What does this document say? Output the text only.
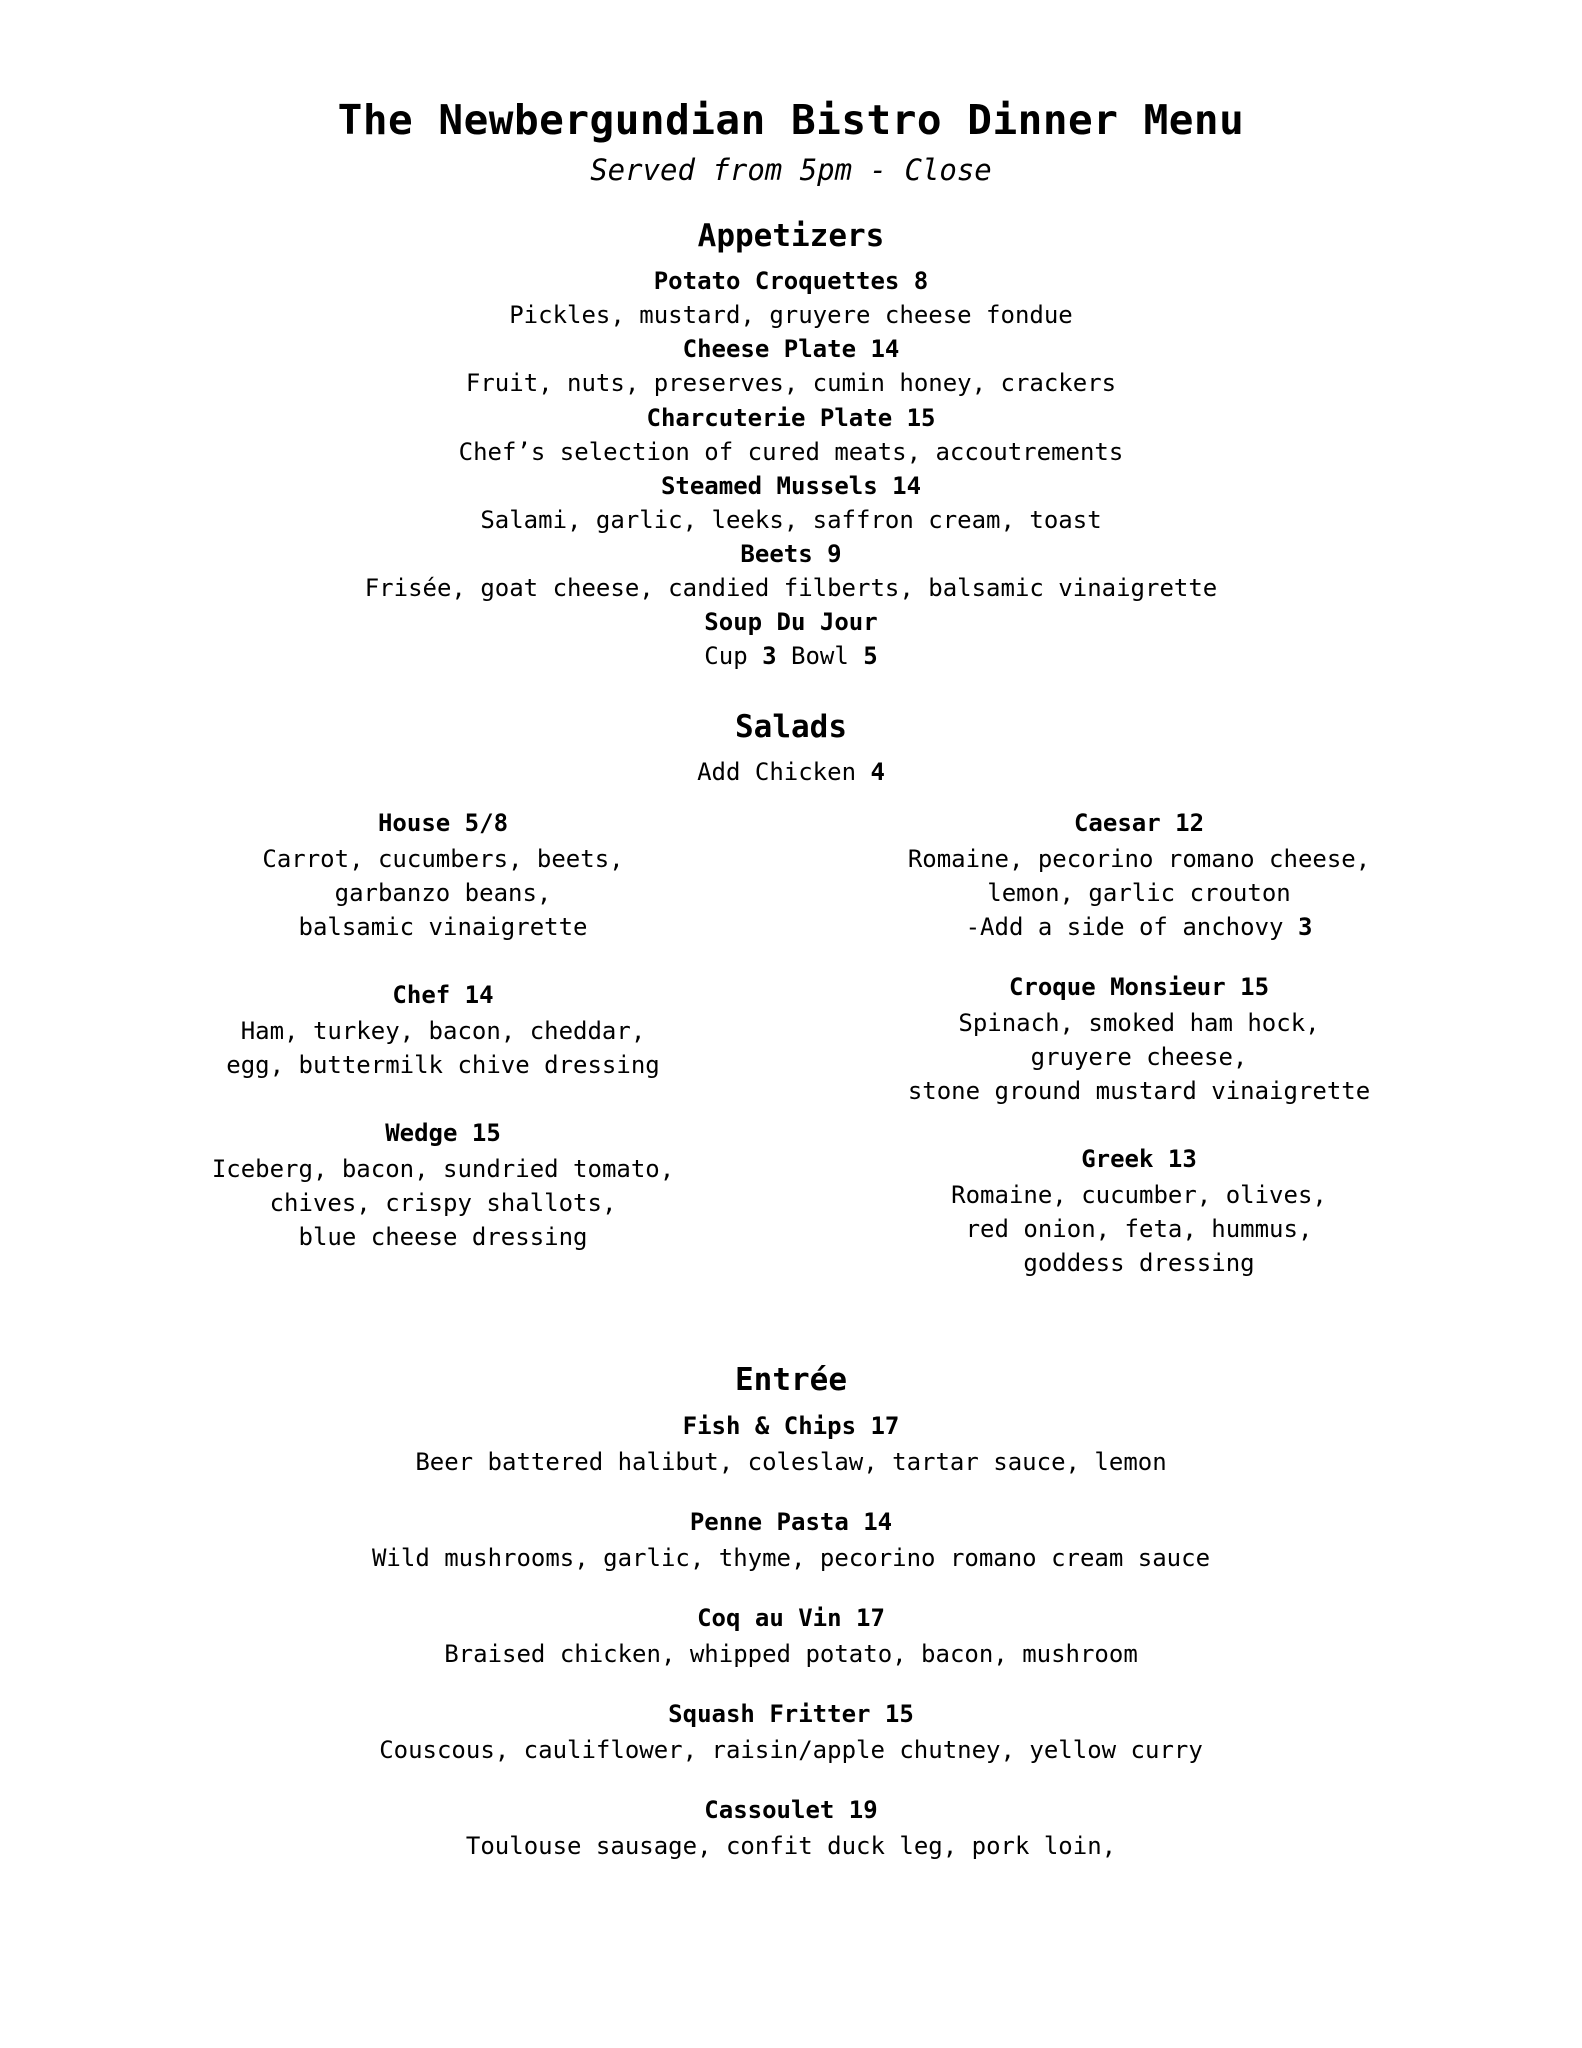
The Newbergundian Bistro Dinner Menu
Served from 5pm - Close
Appetizers
Potato Croquettes 8
Pickles, mustard, gruyere cheese fondue
Cheese Plate 14
Fruit, nuts, preserves, cumin honey, crackers
Charcuterie Plate 15
Chef’s selection of cured meats, accoutrements
Steamed Mussels 14
Salami, garlic, leeks, saffron cream, toast
Beets 9
Frisée, goat cheese, candied filberts, balsamic vinaigrette
Soup Du Jour
Cup 3 Bowl 5
Salads
Add Chicken 4
House 5/8
Carrot, cucumbers, beets,
garbanzo beans,
balsamic vinaigrette
Chef 14
Ham, turkey, bacon, cheddar,
egg, buttermilk chive dressing
Wedge 15
Iceberg, bacon, sundried tomato,
chives, crispy shallots,
blue cheese dressing
Caesar 12
Romaine, pecorino romano cheese,
lemon, garlic crouton
-Add a side of anchovy 3
Croque Monsieur 15
Spinach, smoked ham hock,
gruyere cheese,
stone ground mustard vinaigrette
Greek 13
Romaine, cucumber, olives,
red onion, feta, hummus,
goddess dressing
Entrée
Fish & Chips 17
Beer battered halibut, coleslaw, tartar sauce, lemon
Penne Pasta 14
Wild mushrooms, garlic, thyme, pecorino romano cream sauce
Coq au Vin 17
Braised chicken, whipped potato, bacon, mushroom
Squash Fritter 15
Couscous, cauliflower, raisin/apple chutney, yellow curry
Cassoulet 19
Toulouse sausage, confit duck leg, pork loin,
